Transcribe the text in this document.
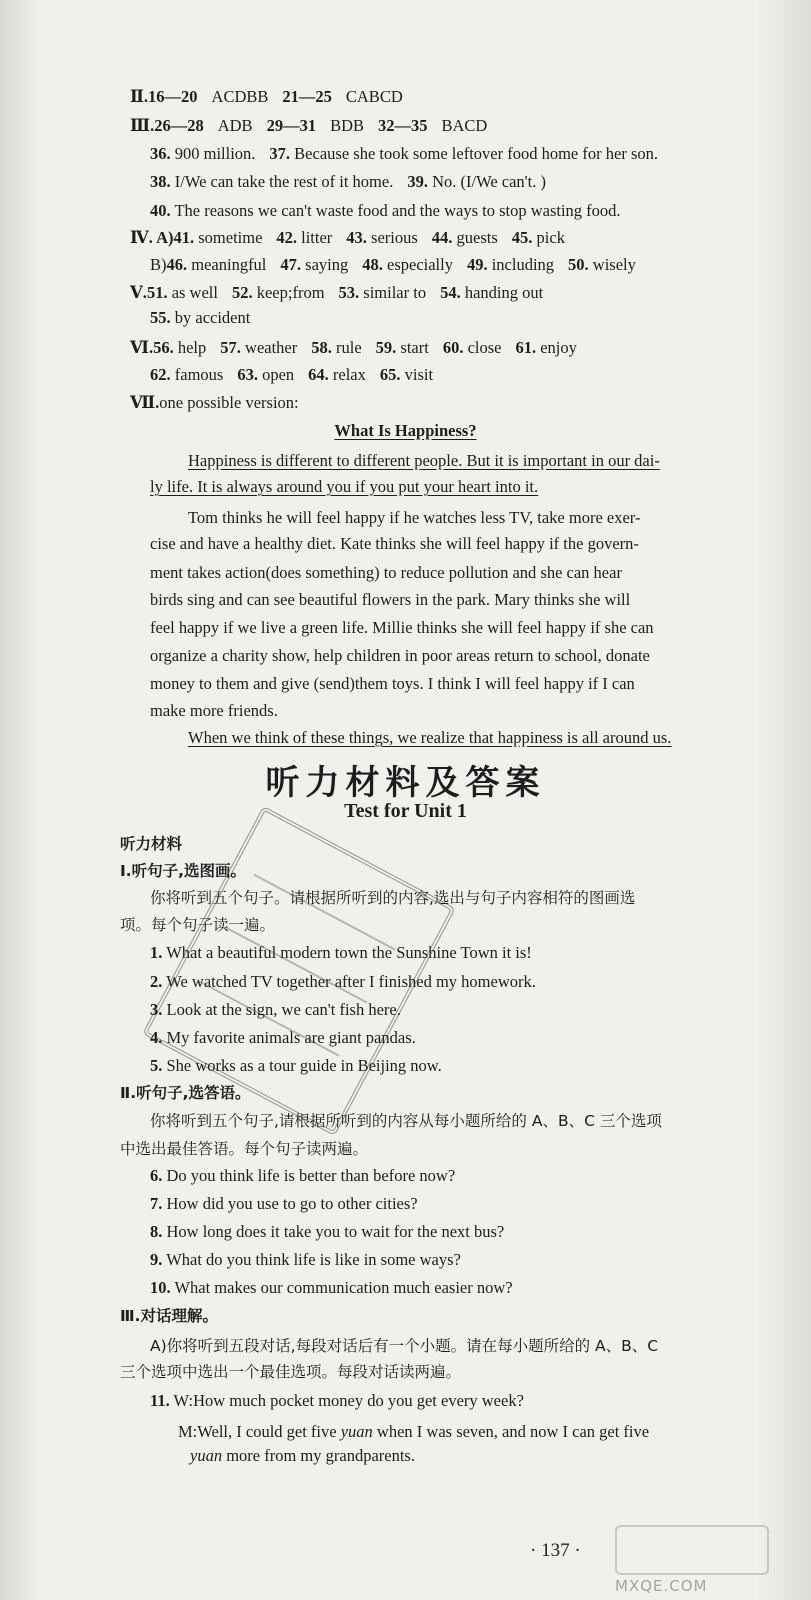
Ⅱ.16—20 ACDBB 21—25 CABCD
Ⅲ.26—28 ADB 29—31 BDB 32—35 BACD
36. 900 million. 37. Because she took some leftover food home for her son.
38. I/We can take the rest of it home. 39. No. (I/We can't. )
40. The reasons we can't waste food and the ways to stop wasting food.
Ⅳ. A)41. sometime 42. litter 43. serious 44. guests 45. pick
B)46. meaningful 47. saying 48. especially 49. including 50. wisely
Ⅴ.51. as well 52. keep;from 53. similar to 54. handing out
55. by accident
Ⅵ.56. help 57. weather 58. rule 59. start 60. close 61. enjoy
62. famous 63. open 64. relax 65. visit
Ⅶ.one possible version:
What Is Happiness?
Happiness is different to different people. But it is important in our dai-
ly life. It is always around you if you put your heart into it.
Tom thinks he will feel happy if he watches less TV, take more exer-
cise and have a healthy diet. Kate thinks she will feel happy if the govern-
ment takes action(does something) to reduce pollution and she can hear
birds sing and can see beautiful flowers in the park. Mary thinks she will
feel happy if we live a green life. Millie thinks she will feel happy if she can
organize a charity show, help children in poor areas return to school, donate
money to them and give (send)them toys. I think I will feel happy if I can
make more friends.
When we think of these things, we realize that happiness is all around us.
听力材料及答案
Test for Unit 1
听力材料
Ⅰ.听句子,选图画。
你将听到五个句子。请根据所听到的内容,选出与句子内容相符的图画选
项。每个句子读一遍。
1. What a beautiful modern town the Sunshine Town it is!
2. We watched TV together after I finished my homework.
3. Look at the sign, we can't fish here.
4. My favorite animals are giant pandas.
5. She works as a tour guide in Beijing now.
Ⅱ.听句子,选答语。
你将听到五个句子,请根据所听到的内容从每小题所给的 A、B、C 三个选项
中选出最佳答语。每个句子读两遍。
6. Do you think life is better than before now?
7. How did you use to go to other cities?
8. How long does it take you to wait for the next bus?
9. What do you think life is like in some ways?
10. What makes our communication much easier now?
Ⅲ.对话理解。
A)你将听到五段对话,每段对话后有一个小题。请在每小题所给的 A、B、C
三个选项中选出一个最佳选项。每段对话读两遍。
11. W:How much pocket money do you get every week?
M:Well, I could get five yuan when I was seven, and now I can get five
yuan more from my grandparents.
· 137 ·
MXQE.COM
